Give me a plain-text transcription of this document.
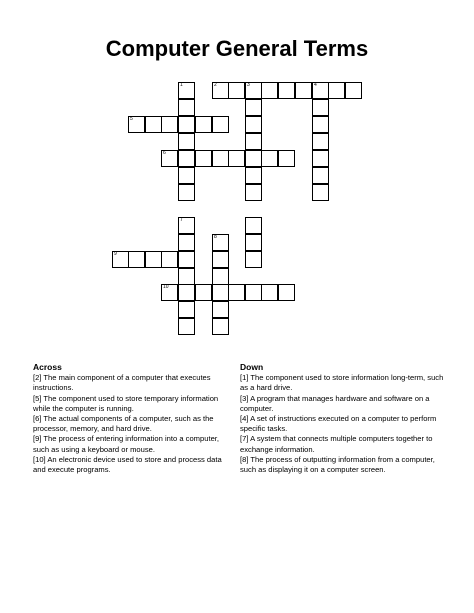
Computer General Terms
1	2	3	4
5
6
7
8
9
10
Across
[2] The main component of a computer that executes instructions.
[5] The component used to store temporary information while the computer is running.
[6] The actual components of a computer, such as the processor, memory, and hard drive.
[9] The process of entering information into a computer, such as using a keyboard or mouse.
[10] An electronic device used to store and process data and execute programs.
Down
[1] The component used to store information long-term, such as a hard drive.
[3] A program that manages hardware and software on a computer.
[4] A set of instructions executed on a computer to perform specific tasks.
[7] A system that connects multiple computers together to exchange information.
[8] The process of outputting information from a computer, such as displaying it on a computer screen.
